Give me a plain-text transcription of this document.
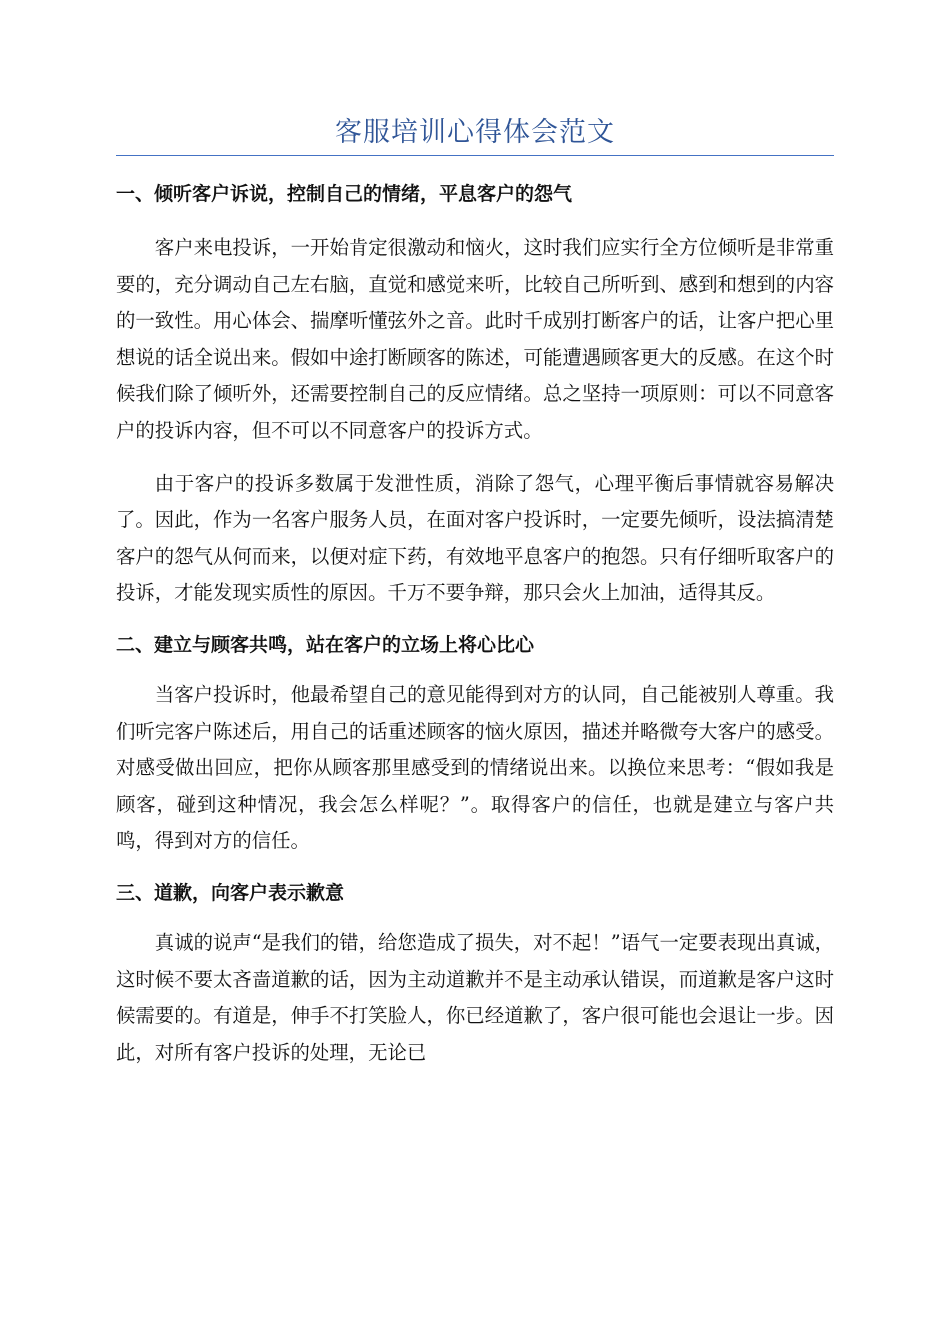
客服培训心得体会范文
一、倾听客户诉说，控制自己的情绪，平息客户的怨气

客户来电投诉，一开始肯定很激动和恼火，这时我们应实行全方位倾听是非常重要的，充分调动自己左右脑，直觉和感觉来听，比较自己所听到、感到和想到的内容的一致性。用心体会、揣摩听懂弦外之音。此时千成别打断客户的话，让客户把心里想说的话全说出来。假如中途打断顾客的陈述，可能遭遇顾客更大的反感。在这个时候我们除了倾听外，还需要控制自己的反应情绪。总之坚持一项原则：可以不同意客户的投诉内容，但不可以不同意客户的投诉方式。

由于客户的投诉多数属于发泄性质，消除了怨气，心理平衡后事情就容易解决了。因此，作为一名客户服务人员，在面对客户投诉时，一定要先倾听，设法搞清楚客户的怨气从何而来，以便对症下药，有效地平息客户的抱怨。只有仔细听取客户的投诉，才能发现实质性的原因。千万不要争辩，那只会火上加油，适得其反。

二、建立与顾客共鸣，站在客户的立场上将心比心

当客户投诉时，他最希望自己的意见能得到对方的认同，自己能被别人尊重。我们听完客户陈述后，用自己的话重述顾客的恼火原因，描述并略微夸大客户的感受。对感受做出回应，把你从顾客那里感受到的情绪说出来。以换位来思考：“假如我是顾客，碰到这种情况，我会怎么样呢？”。取得客户的信任，也就是建立与客户共鸣，得到对方的信任。

三、道歉，向客户表示歉意

真诚的说声“是我们的错，给您造成了损失，对不起！”语气一定要表现出真诚，这时候不要太吝啬道歉的话，因为主动道歉并不是主动承认错误，而道歉是客户这时候需要的。有道是，伸手不打笑脸人，你已经道歉了，客户很可能也会退让一步。因此，对所有客户投诉的处理，无论已
